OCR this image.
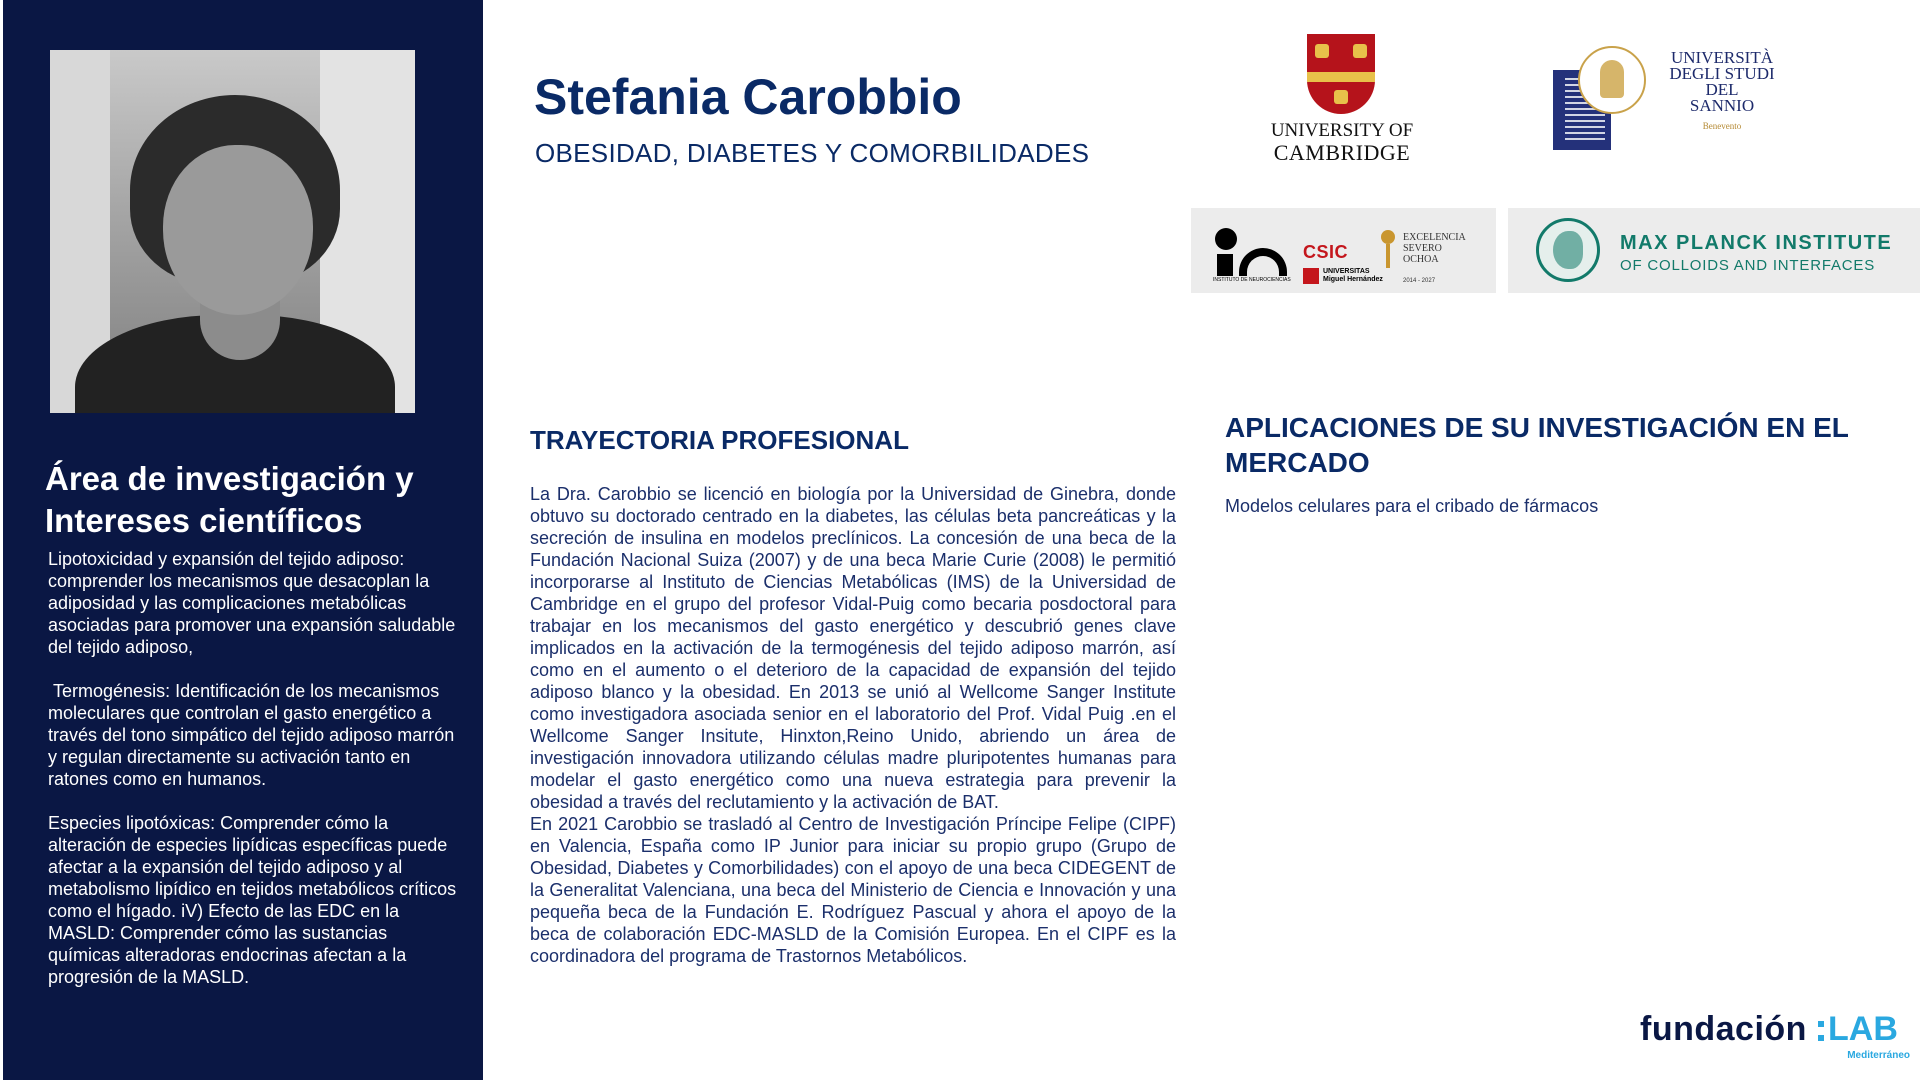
Área de investigación y Intereses científicos

Lipotoxicidad y expansión del tejido adiposo: comprender los mecanismos que desacoplan la adiposidad y las complicaciones metabólicas asociadas para promover una expansión saludable del tejido adiposo,

Termogénesis: Identificación de los mecanismos moleculares que controlan el gasto energético a través del tono simpático del tejido adiposo marrón y regulan directamente su activación tanto en ratones como en humanos.

Especies lipotóxicas: Comprender cómo la alteración de especies lipídicas específicas puede afectar a la expansión del tejido adiposo y al metabolismo lipídico en tejidos metabólicos críticos como el hígado. iV) Efecto de las EDC en la MASLD: Comprender cómo las sustancias químicas alteradoras endocrinas afectan a la progresión de la MASLD.

Stefania Carobbio
OBESIDAD, DIABETES Y COMORBILIDADES
UNIVERSITY OF
CAMBRIDGE
UNIVERSITÀ
DEGLI STUDI
DEL
SANNIO
Benevento
INSTITUTO DE NEUROCIENCIAS
CSIC
UNIVERSITAS
Miguel Hernández
EXCELENCIA
SEVERO
OCHOA
2014 - 2027
MAX PLANCK INSTITUTE
OF COLLOIDS AND INTERFACES
TRAYECTORIA PROFESIONAL

La Dra. Carobbio se licenció en biología por la Universidad de Ginebra, donde obtuvo su doctorado centrado en la diabetes, las células beta pancreáticas y la secreción de insulina en modelos preclínicos. La concesión de una beca de la Fundación Nacional Suiza (2007) y de una beca Marie Curie (2008) le permitió incorporarse al Instituto de Ciencias Metabólicas (IMS) de la Universidad de Cambridge en el grupo del profesor Vidal-Puig como becaria posdoctoral para trabajar en los mecanismos del gasto energético y descubrió genes clave implicados en la activación de la termogénesis del tejido adiposo marrón, así como en el aumento o el deterioro de la capacidad de expansión del tejido adiposo blanco y la obesidad. En 2013 se unió al Wellcome Sanger Institute como investigadora asociada senior en el laboratorio del Prof. Vidal Puig .en el Wellcome Sanger Insitute, Hinxton,Reino Unido, abriendo un área de investigación innovadora utilizando células madre pluripotentes humanas para modelar el gasto energético como una nueva estrategia para prevenir la obesidad a través del reclutamiento y la activación de BAT.

En 2021 Carobbio se trasladó al Centro de Investigación Príncipe Felipe (CIPF) en Valencia, España como IP Junior para iniciar su propio grupo (Grupo de Obesidad, Diabetes y Comorbilidades) con el apoyo de una beca CIDEGENT de la Generalitat Valenciana, una beca del Ministerio de Ciencia e Innovación y una pequeña beca de la Fundación E. Rodríguez Pascual y ahora el apoyo de la beca de colaboración EDC-MASLD de la Comisión Europea. En el CIPF es la coordinadora del programa de Trastornos Metabólicos.

APLICACIONES DE SU INVESTIGACIÓN EN EL MERCADO
Modelos celulares para el cribado de fármacos
fundación LAB
Mediterráneo
